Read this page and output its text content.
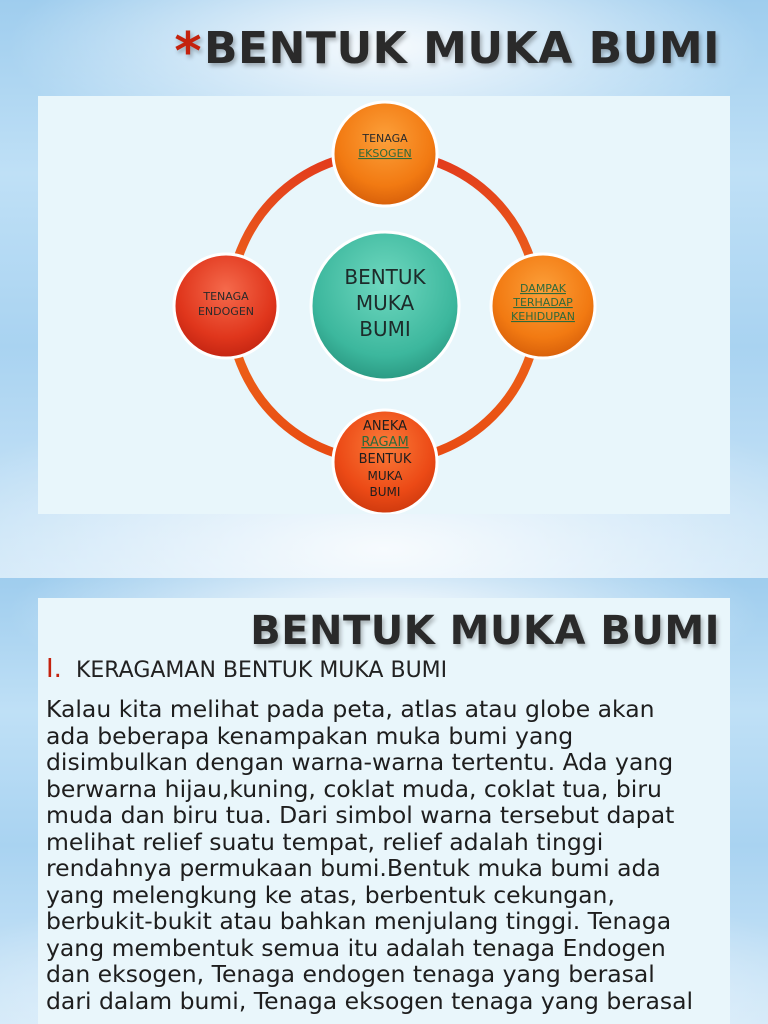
*BENTUK MUKA BUMI
BENTUK
MUKA
BUMI
TENAGA
EKSOGEN
TENAGA
ENDOGEN
DAMPAK
TERHADAP
KEHIDUPAN
ANEKA
RAGAM
BENTUK
MUKA
BUMI
BENTUK MUKA BUMI
I. KERAGAMAN BENTUK MUKA BUMI
Kalau kita melihat pada peta, atlas atau globe akan
ada beberapa kenampakan muka bumi yang
disimbulkan dengan warna-warna tertentu. Ada yang
berwarna hijau,kuning, coklat muda, coklat tua, biru
muda dan biru tua. Dari simbol warna tersebut dapat
melihat relief suatu tempat, relief adalah tinggi
rendahnya permukaan bumi.Bentuk muka bumi ada
yang melengkung ke atas, berbentuk cekungan,
berbukit-bukit atau bahkan menjulang tinggi. Tenaga
yang membentuk semua itu adalah tenaga Endogen
dan eksogen, Tenaga endogen tenaga yang berasal
dari dalam bumi, Tenaga eksogen tenaga yang berasal
